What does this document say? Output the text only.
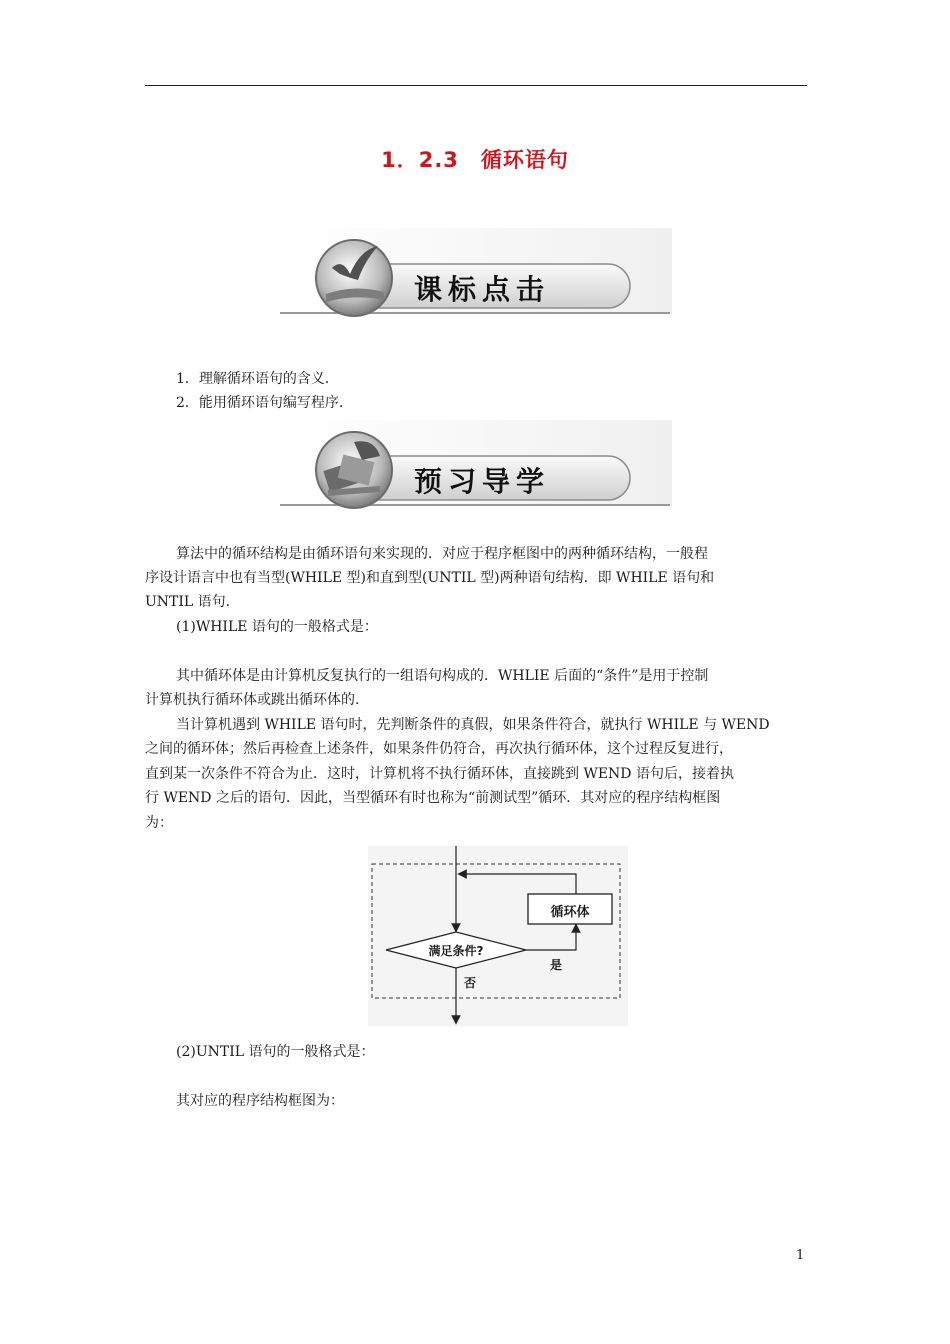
1．2.3　循环语句
课标点击
1．理解循环语句的含义.
2．能用循环语句编写程序.
预习导学
算法中的循环结构是由循环语句来实现的．对应于程序框图中的两种循环结构，一般程
序设计语言中也有当型(WHILE 型)和直到型(UNTIL 型)两种语句结构．即 WHILE 语句和
UNTIL 语句.
(1)WHILE 语句的一般格式是：
其中循环体是由计算机反复执行的一组语句构成的．WHLIE 后面的“条件”是用于控制
计算机执行循环体或跳出循环体的.
当计算机遇到 WHILE 语句时，先判断条件的真假，如果条件符合，就执行 WHILE 与 WEND
之间的循环体；然后再检查上述条件，如果条件仍符合，再次执行循环体，这个过程反复进行，
直到某一次条件不符合为止．这时，计算机将不执行循环体，直接跳到 WEND 语句后，接着执
行 WEND 之后的语句．因此，当型循环有时也称为“前测试型”循环．其对应的程序结构框图
为：
循环体
满足条件?
是
否
(2)UNTIL 语句的一般格式是：
其对应的程序结构框图为：
1
